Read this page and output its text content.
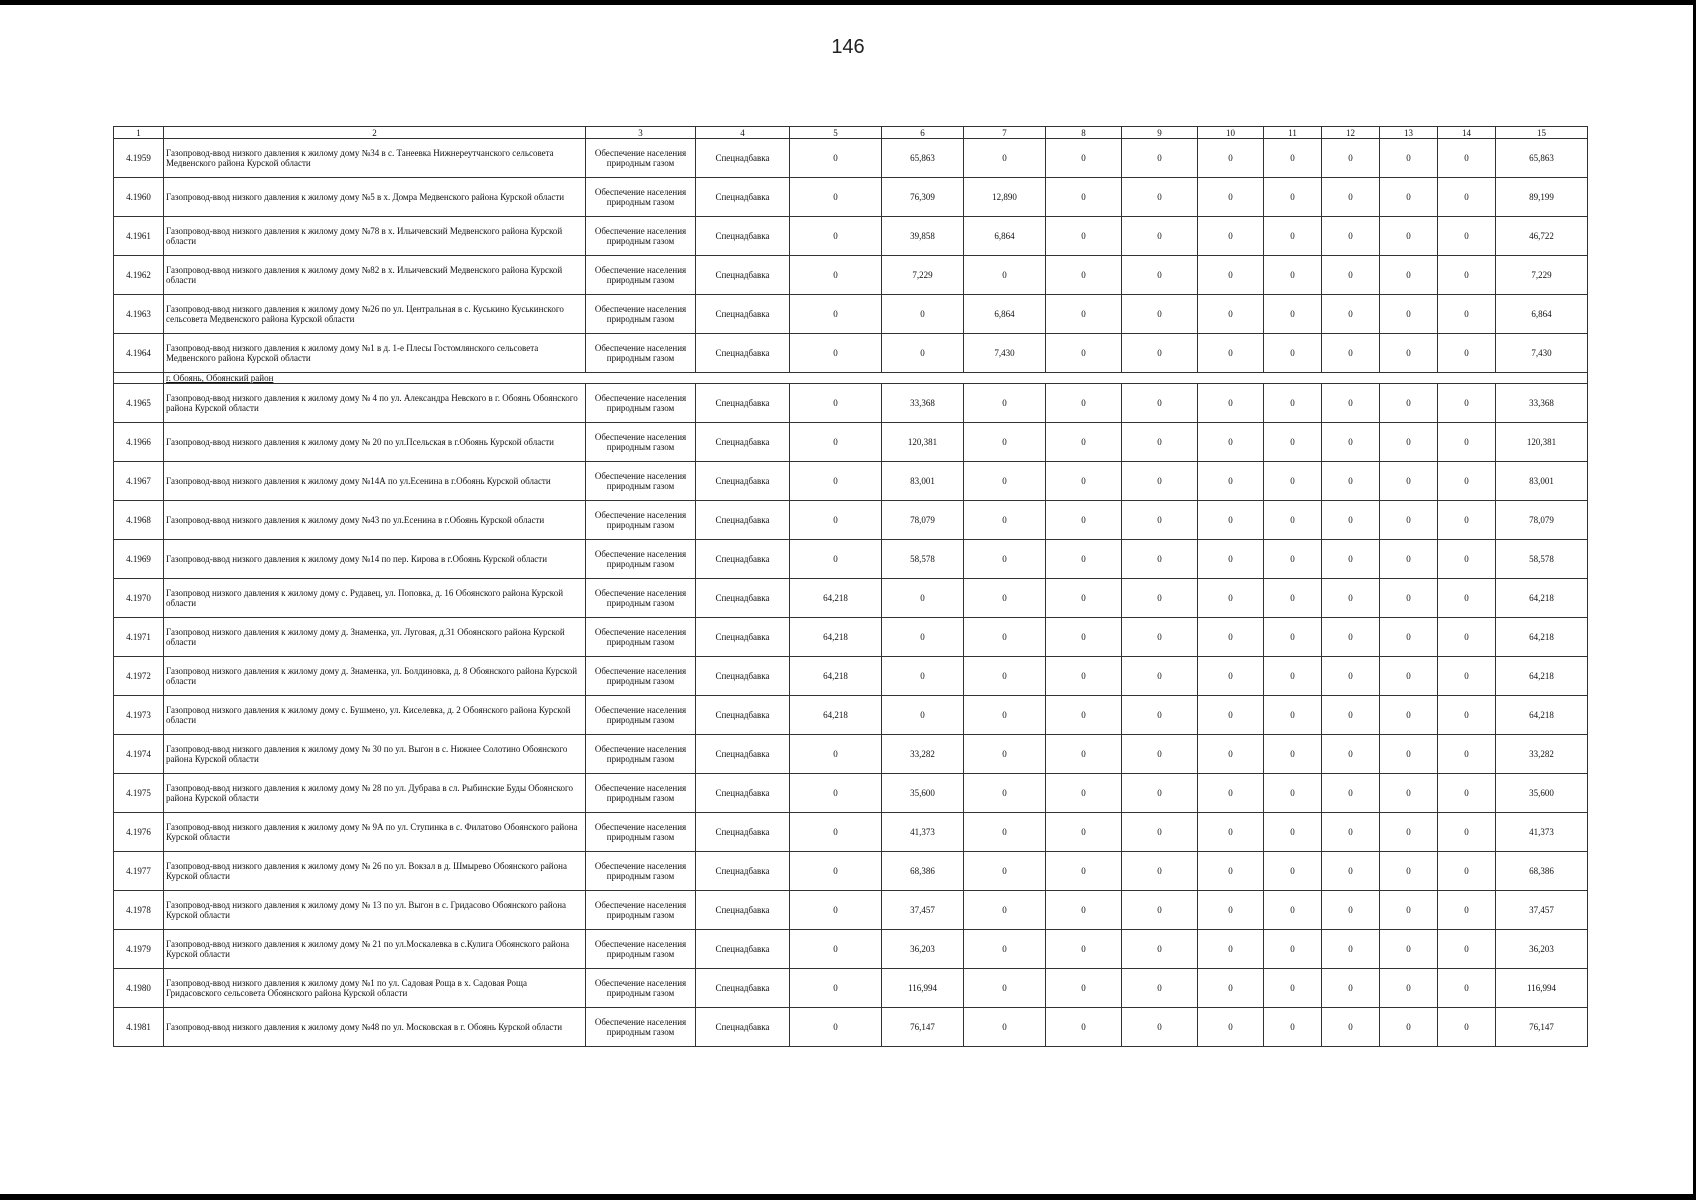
146
1	2	3	4	5	6	7	8	9	10	11	12	13	14	15
4.1959	Газопровод-ввод низкого давления к жилому дому №34 в с. Танеевка Нижнереутчанского сельсовета Медвенского района Курской области	Обеспечение населения природным газом	Спецнадбавка	0	65,863	0	0	0	0	0	0	0	0	65,863
4.1960	Газопровод-ввод низкого давления к жилому дому №5 в х. Домра Медвенского района Курской области	Обеспечение населения природным газом	Спецнадбавка	0	76,309	12,890	0	0	0	0	0	0	0	89,199
4.1961	Газопровод-ввод низкого давления к жилому дому №78 в х. Ильичевский Медвенского района Курской области	Обеспечение населения природным газом	Спецнадбавка	0	39,858	6,864	0	0	0	0	0	0	0	46,722
4.1962	Газопровод-ввод низкого давления к жилому дому №82 в х. Ильичевский Медвенского района Курской области	Обеспечение населения природным газом	Спецнадбавка	0	7,229	0	0	0	0	0	0	0	0	7,229
4.1963	Газопровод-ввод низкого давления к жилому дому №26 по ул. Центральная в с. Куськино Куськинского сельсовета Медвенского района Курской области	Обеспечение населения природным газом	Спецнадбавка	0	0	6,864	0	0	0	0	0	0	0	6,864
4.1964	Газопровод-ввод низкого давления к жилому дому №1 в д. 1-е Плесы Гостомлянского сельсовета Медвенского района Курской области	Обеспечение населения природным газом	Спецнадбавка	0	0	7,430	0	0	0	0	0	0	0	7,430
	г. Обоянь, Обоянский район													
4.1965	Газопровод-ввод низкого давления к жилому дому № 4 по ул. Александра Невского в г. Обоянь Обоянского района Курской области	Обеспечение населения природным газом	Спецнадбавка	0	33,368	0	0	0	0	0	0	0	0	33,368
4.1966	Газопровод-ввод низкого давления к жилому дому № 20 по ул.Псельская в г.Обоянь Курской области	Обеспечение населения природным газом	Спецнадбавка	0	120,381	0	0	0	0	0	0	0	0	120,381
4.1967	Газопровод-ввод низкого давления к жилому дому №14А по ул.Есенина в г.Обоянь Курской области	Обеспечение населения природным газом	Спецнадбавка	0	83,001	0	0	0	0	0	0	0	0	83,001
4.1968	Газопровод-ввод низкого давления к жилому дому №43 по ул.Есенина в г.Обоянь Курской области	Обеспечение населения природным газом	Спецнадбавка	0	78,079	0	0	0	0	0	0	0	0	78,079
4.1969	Газопровод-ввод низкого давления к жилому дому №14 по пер. Кирова в г.Обоянь Курской области	Обеспечение населения природным газом	Спецнадбавка	0	58,578	0	0	0	0	0	0	0	0	58,578
4.1970	Газопровод низкого давления к жилому дому с. Рудавец, ул. Поповка, д. 16 Обоянского района Курской области	Обеспечение населения природным газом	Спецнадбавка	64,218	0	0	0	0	0	0	0	0	0	64,218
4.1971	Газопровод низкого давления к жилому дому д. Знаменка, ул. Луговая, д.31 Обоянского района Курской области	Обеспечение населения природным газом	Спецнадбавка	64,218	0	0	0	0	0	0	0	0	0	64,218
4.1972	Газопровод низкого давления к жилому дому д. Знаменка, ул. Болдиновка, д. 8 Обоянского района Курской области	Обеспечение населения природным газом	Спецнадбавка	64,218	0	0	0	0	0	0	0	0	0	64,218
4.1973	Газопровод низкого давления к жилому дому с. Бушмено, ул. Киселевка, д. 2 Обоянского района Курской области	Обеспечение населения природным газом	Спецнадбавка	64,218	0	0	0	0	0	0	0	0	0	64,218
4.1974	Газопровод-ввод низкого давления к жилому дому № 30 по ул. Выгон в с. Нижнее Солотино Обоянского района Курской области	Обеспечение населения природным газом	Спецнадбавка	0	33,282	0	0	0	0	0	0	0	0	33,282
4.1975	Газопровод-ввод низкого давления к жилому дому № 28 по ул. Дубрава в сл. Рыбинские Буды Обоянского района Курской области	Обеспечение населения природным газом	Спецнадбавка	0	35,600	0	0	0	0	0	0	0	0	35,600
4.1976	Газопровод-ввод низкого давления к жилому дому № 9А по ул. Ступинка в с. Филатово Обоянского района Курской области	Обеспечение населения природным газом	Спецнадбавка	0	41,373	0	0	0	0	0	0	0	0	41,373
4.1977	Газопровод-ввод низкого давления к жилому дому № 26 по ул. Вокзал в д. Шмырево Обоянского района Курской области	Обеспечение населения природным газом	Спецнадбавка	0	68,386	0	0	0	0	0	0	0	0	68,386
4.1978	Газопровод-ввод низкого давления к жилому дому № 13 по ул. Выгон в с. Гридасово Обоянского района Курской области	Обеспечение населения природным газом	Спецнадбавка	0	37,457	0	0	0	0	0	0	0	0	37,457
4.1979	Газопровод-ввод низкого давления к жилому дому № 21 по ул.Москалевка в с.Кулига Обоянского района Курской области	Обеспечение населения природным газом	Спецнадбавка	0	36,203	0	0	0	0	0	0	0	0	36,203
4.1980	Газопровод-ввод низкого давления к жилому дому №1 по ул. Садовая Роща в х. Садовая Роща Гридасовского сельсовета Обоянского района Курской области	Обеспечение населения природным газом	Спецнадбавка	0	116,994	0	0	0	0	0	0	0	0	116,994
4.1981	Газопровод-ввод низкого давления к жилому дому №48 по ул. Московская в г. Обоянь Курской области	Обеспечение населения природным газом	Спецнадбавка	0	76,147	0	0	0	0	0	0	0	0	76,147
